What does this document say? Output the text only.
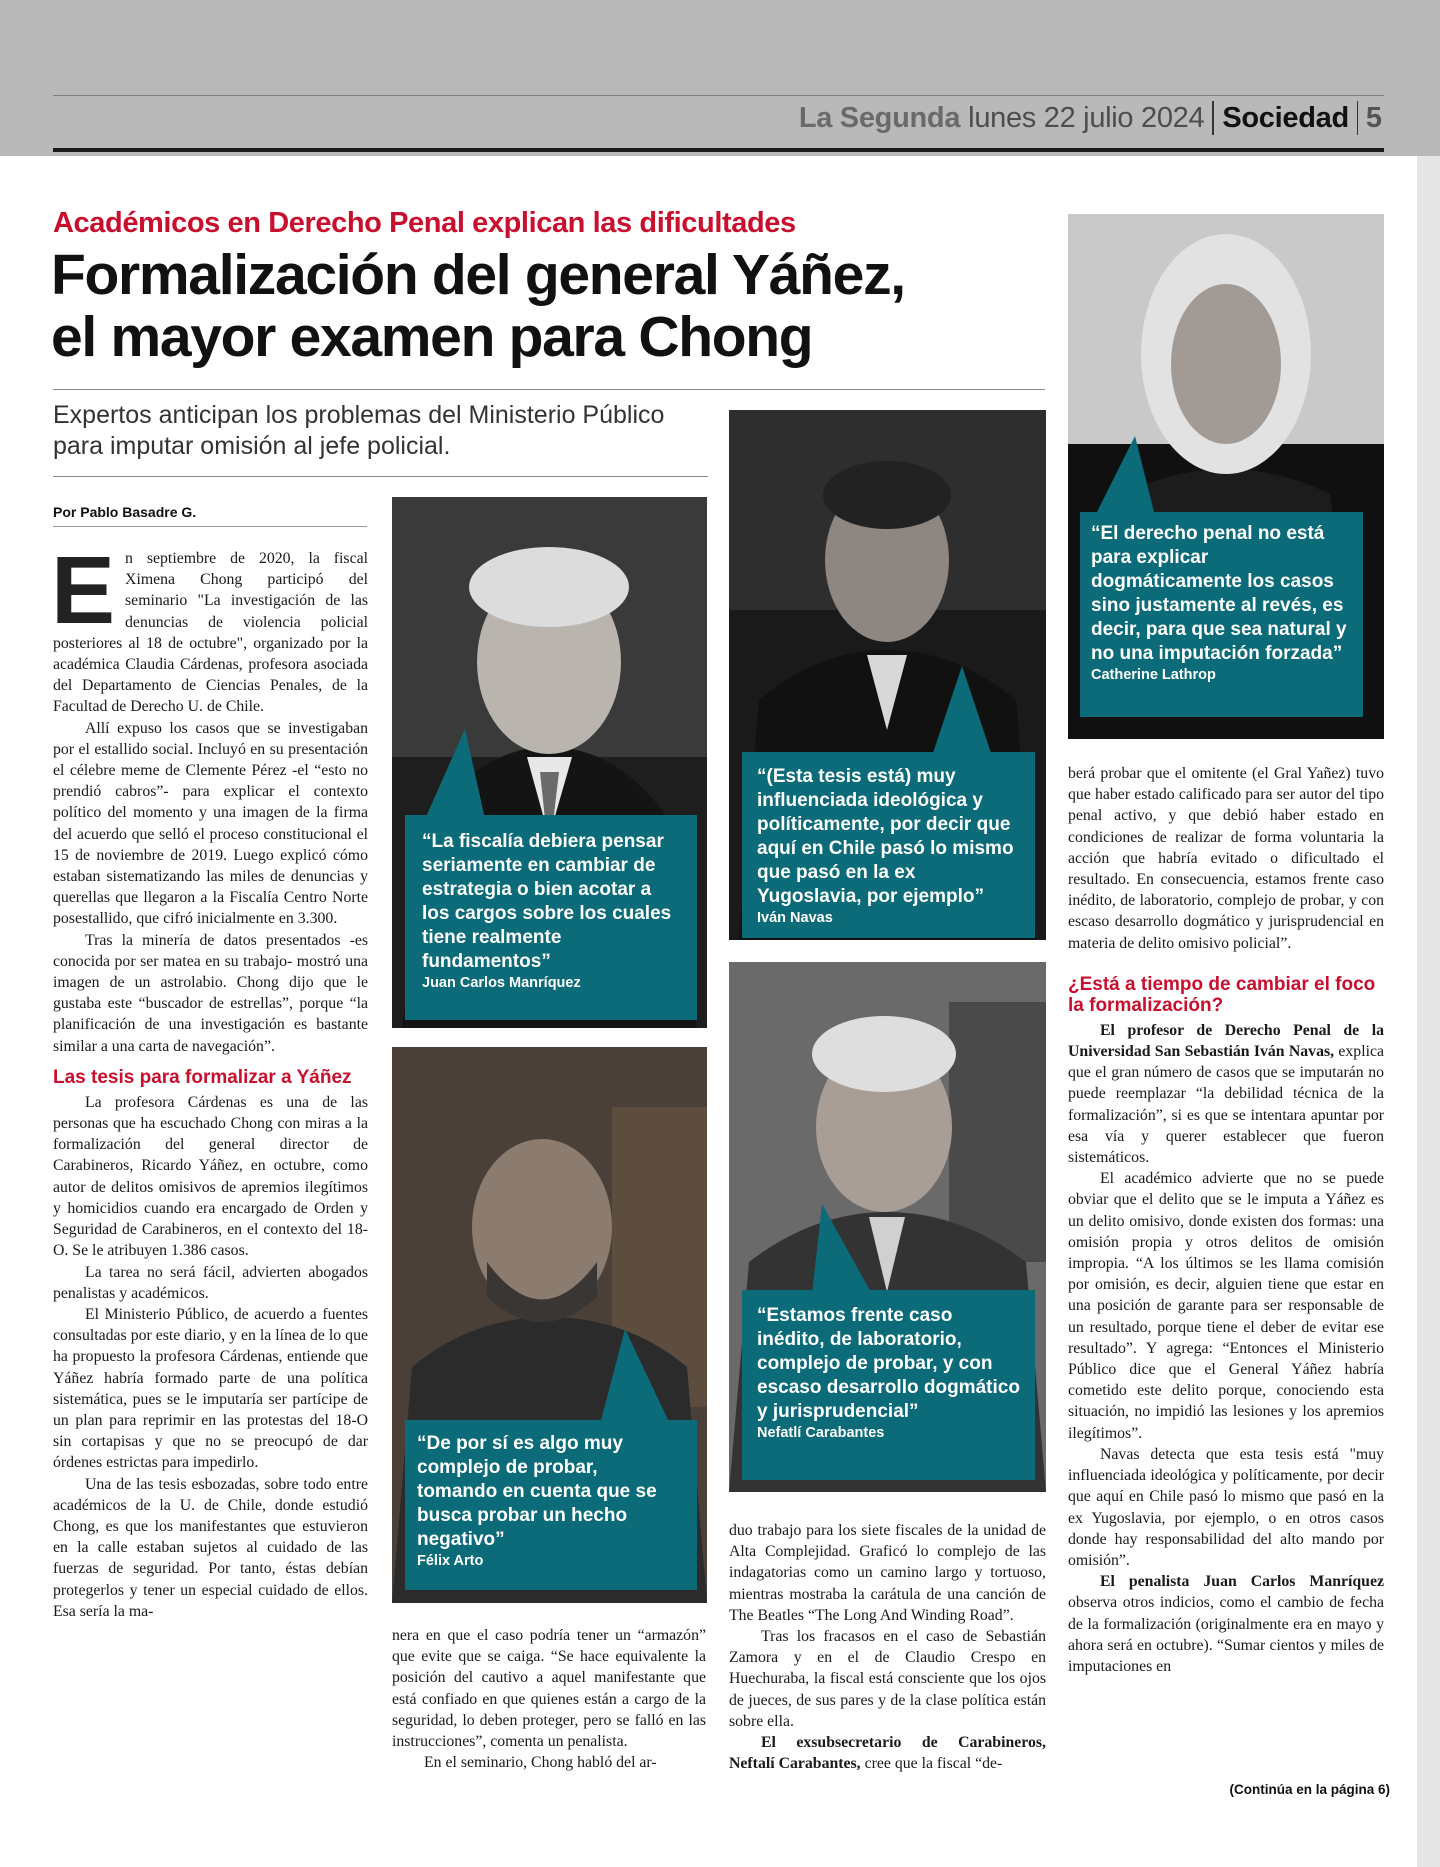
La Segunda lunes 22 julio 2024 Sociedad 5
Académicos en Derecho Penal explican las dificultades
Formalización del general Yáñez,
el mayor examen para Chong
Expertos anticipan los problemas del Ministerio Público para imputar omisión al jefe policial.
Por Pablo Basadre G.

En septiembre de 2020, la fiscal Ximena Chong participó del seminario "La investigación de las denuncias de violencia policial posteriores al 18 de octubre", organizado por la académica Claudia Cárdenas, profesora asociada del Departamento de Ciencias Penales, de la Facultad de Derecho U. de Chile.

Allí expuso los casos que se investigaban por el estallido social. Incluyó en su presentación el célebre meme de Clemente Pérez -el “esto no prendió cabros”- para explicar el contexto político del momento y una imagen de la firma del acuerdo que selló el proceso constitucional el 15 de noviembre de 2019. Luego explicó cómo estaban sistematizando las miles de denuncias y querellas que llegaron a la Fiscalía Centro Norte posestallido, que cifró inicialmente en 3.300.

Tras la minería de datos presentados -es conocida por ser matea en su trabajo- mostró una imagen de un astrolabio. Chong dijo que le gustaba este “buscador de estrellas”, porque “la planificación de una investigación es bastante similar a una carta de navegación”.

Las tesis para formalizar a Yáñez

La profesora Cárdenas es una de las personas que ha escuchado Chong con miras a la formalización del general director de Carabineros, Ricardo Yáñez, en octubre, como autor de delitos omisivos de apremios ilegítimos y homicidios cuando era encargado de Orden y Seguridad de Carabineros, en el contexto del 18-O. Se le atribuyen 1.386 casos.

La tarea no será fácil, advierten abogados penalistas y académicos.

El Ministerio Público, de acuerdo a fuentes consultadas por este diario, y en la línea de lo que ha propuesto la profesora Cárdenas, entiende que Yáñez habría formado parte de una política sistemática, pues se le imputaría ser partícipe de un plan para reprimir en las protestas del 18-O sin cortapisas y que no se preocupó de dar órdenes estrictas para impedirlo.

Una de las tesis esbozadas, sobre todo entre académicos de la U. de Chile, donde estudió Chong, es que los manifestantes que estuvieron en la calle estaban sujetos al cuidado de las fuerzas de seguridad. Por tanto, éstas debían protegerlos y tener un especial cuidado de ellos. Esa sería la ma-

“La fiscalía debiera pensar seriamente en cambiar de estrategia o bien acotar a los cargos sobre los cuales tiene realmente fundamentos”
Juan Carlos Manríquez
“De por sí es algo muy complejo de probar, tomando en cuenta que se busca probar un hecho negativo”
Félix Arto

nera en que el caso podría tener un “armazón” que evite que se caiga. “Se hace equivalente la posición del cautivo a aquel manifestante que está confiado en que quienes están a cargo de la seguridad, lo deben proteger, pero se falló en las instrucciones”, comenta un penalista.

En el seminario, Chong habló del ar-

“(Esta tesis está) muy influenciada ideológica y políticamente, por decir que aquí en Chile pasó lo mismo que pasó en la ex Yugoslavia, por ejemplo”
Iván Navas
“Estamos frente caso inédito, de laboratorio, complejo de probar, y con escaso desarrollo dogmático y jurisprudencial”
Nefatlí Carabantes

duo trabajo para los siete fiscales de la unidad de Alta Complejidad. Graficó lo complejo de las indagatorias como un camino largo y tortuoso, mientras mostraba la carátula de una canción de The Beatles “The Long And Winding Road”.

Tras los fracasos en el caso de Sebastián Zamora y en el de Claudio Crespo en Huechuraba, la fiscal está consciente que los ojos de jueces, de sus pares y de la clase política están sobre ella.

El exsubsecretario de Carabineros, Neftalí Carabantes, cree que la fiscal “de-

“El derecho penal no está para explicar dogmáticamente los casos sino justamente al revés, es decir, para que sea natural y no una imputación forzada”
Catherine Lathrop

berá probar que el omitente (el Gral Yañez) tuvo que haber estado calificado para ser autor del tipo penal activo, y que debió haber estado en condiciones de realizar de forma voluntaria la acción que habría evitado o dificultado el resultado. En consecuencia, estamos frente caso inédito, de laboratorio, complejo de probar, y con escaso desarrollo dogmático y jurisprudencial en materia de delito omisivo policial”.

¿Está a tiempo de cambiar el foco la formalización?

El profesor de Derecho Penal de la Universidad San Sebastián Iván Navas, explica que el gran número de casos que se imputarán no puede reemplazar “la debilidad técnica de la formalización”, si es que se intentara apuntar por esa vía y querer establecer que fueron sistemáticos.

El académico advierte que no se puede obviar que el delito que se le imputa a Yáñez es un delito omisivo, donde existen dos formas: una omisión propia y otros delitos de omisión impropia. “A los últimos se les llama comisión por omisión, es decir, alguien tiene que estar en una posición de garante para ser responsable de un resultado, porque tiene el deber de evitar ese resultado”. Y agrega: “Entonces el Ministerio Público dice que el General Yáñez habría cometido este delito porque, conociendo esta situación, no impidió las lesiones y los apremios ilegítimos”.

Navas detecta que esta tesis está "muy influenciada ideológica y políticamente, por decir que aquí en Chile pasó lo mismo que pasó en la ex Yugoslavia, por ejemplo, o en otros casos donde hay responsabilidad del alto mando por omisión”.

El penalista Juan Carlos Manríquez observa otros indicios, como el cambio de fecha de la formalización (originalmente era en mayo y ahora será en octubre). “Sumar cientos y miles de imputaciones en

(Continúa en la página 6)
